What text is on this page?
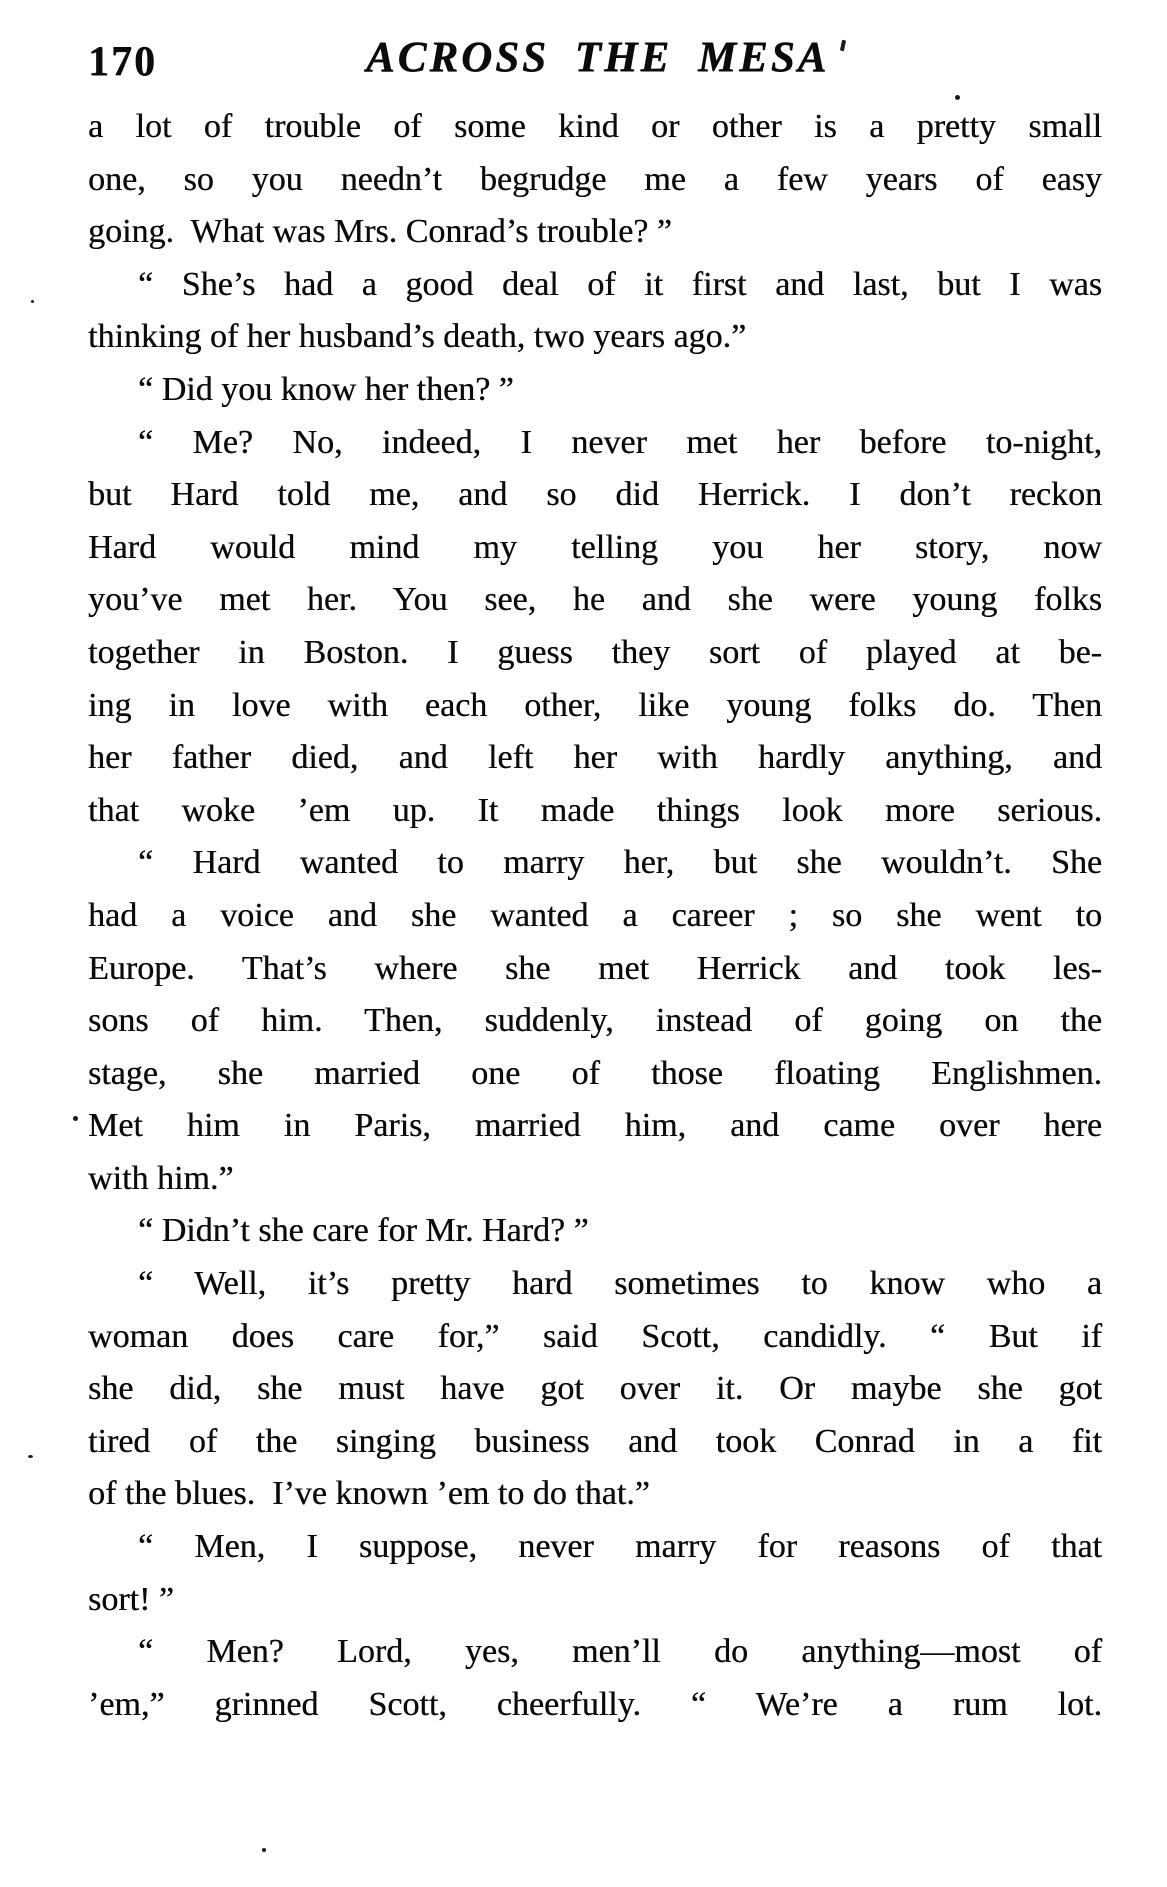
170	ACROSS THE MESA
a lot of trouble of some kind or other is a pretty small
one, so you needn’t begrudge me a few years of easy
going.  What was Mrs. Conrad’s trouble? ”
“ She’s had a good deal of it first and last, but I was
thinking of her husband’s death, two years ago.”
“ Did you know her then? ”
“ Me? No, indeed, I never met her before to-night,
but Hard told me, and so did Herrick. I don’t reckon
Hard would mind my telling you her story, now
you’ve met her. You see, he and she were young folks
together in Boston. I guess they sort of played at be-
ing in love with each other, like young folks do. Then
her father died, and left her with hardly anything, and
that woke ’em up. It made things look more serious.
“ Hard wanted to marry her, but she wouldn’t. She
had a voice and she wanted a career ; so she went to
Europe. That’s where she met Herrick and took les-
sons of him. Then, suddenly, instead of going on the
stage, she married one of those floating Englishmen.
Met him in Paris, married him, and came over here
with him.”
“ Didn’t she care for Mr. Hard? ”
“ Well, it’s pretty hard sometimes to know who a
woman does care for,” said Scott, candidly. “ But if
she did, she must have got over it. Or maybe she got
tired of the singing business and took Conrad in a fit
of the blues.  I’ve known ’em to do that.”
“ Men, I suppose, never marry for reasons of that
sort! ”
“ Men? Lord, yes, men’ll do anything—most of
’em,” grinned Scott, cheerfully. “ We’re a rum lot.
